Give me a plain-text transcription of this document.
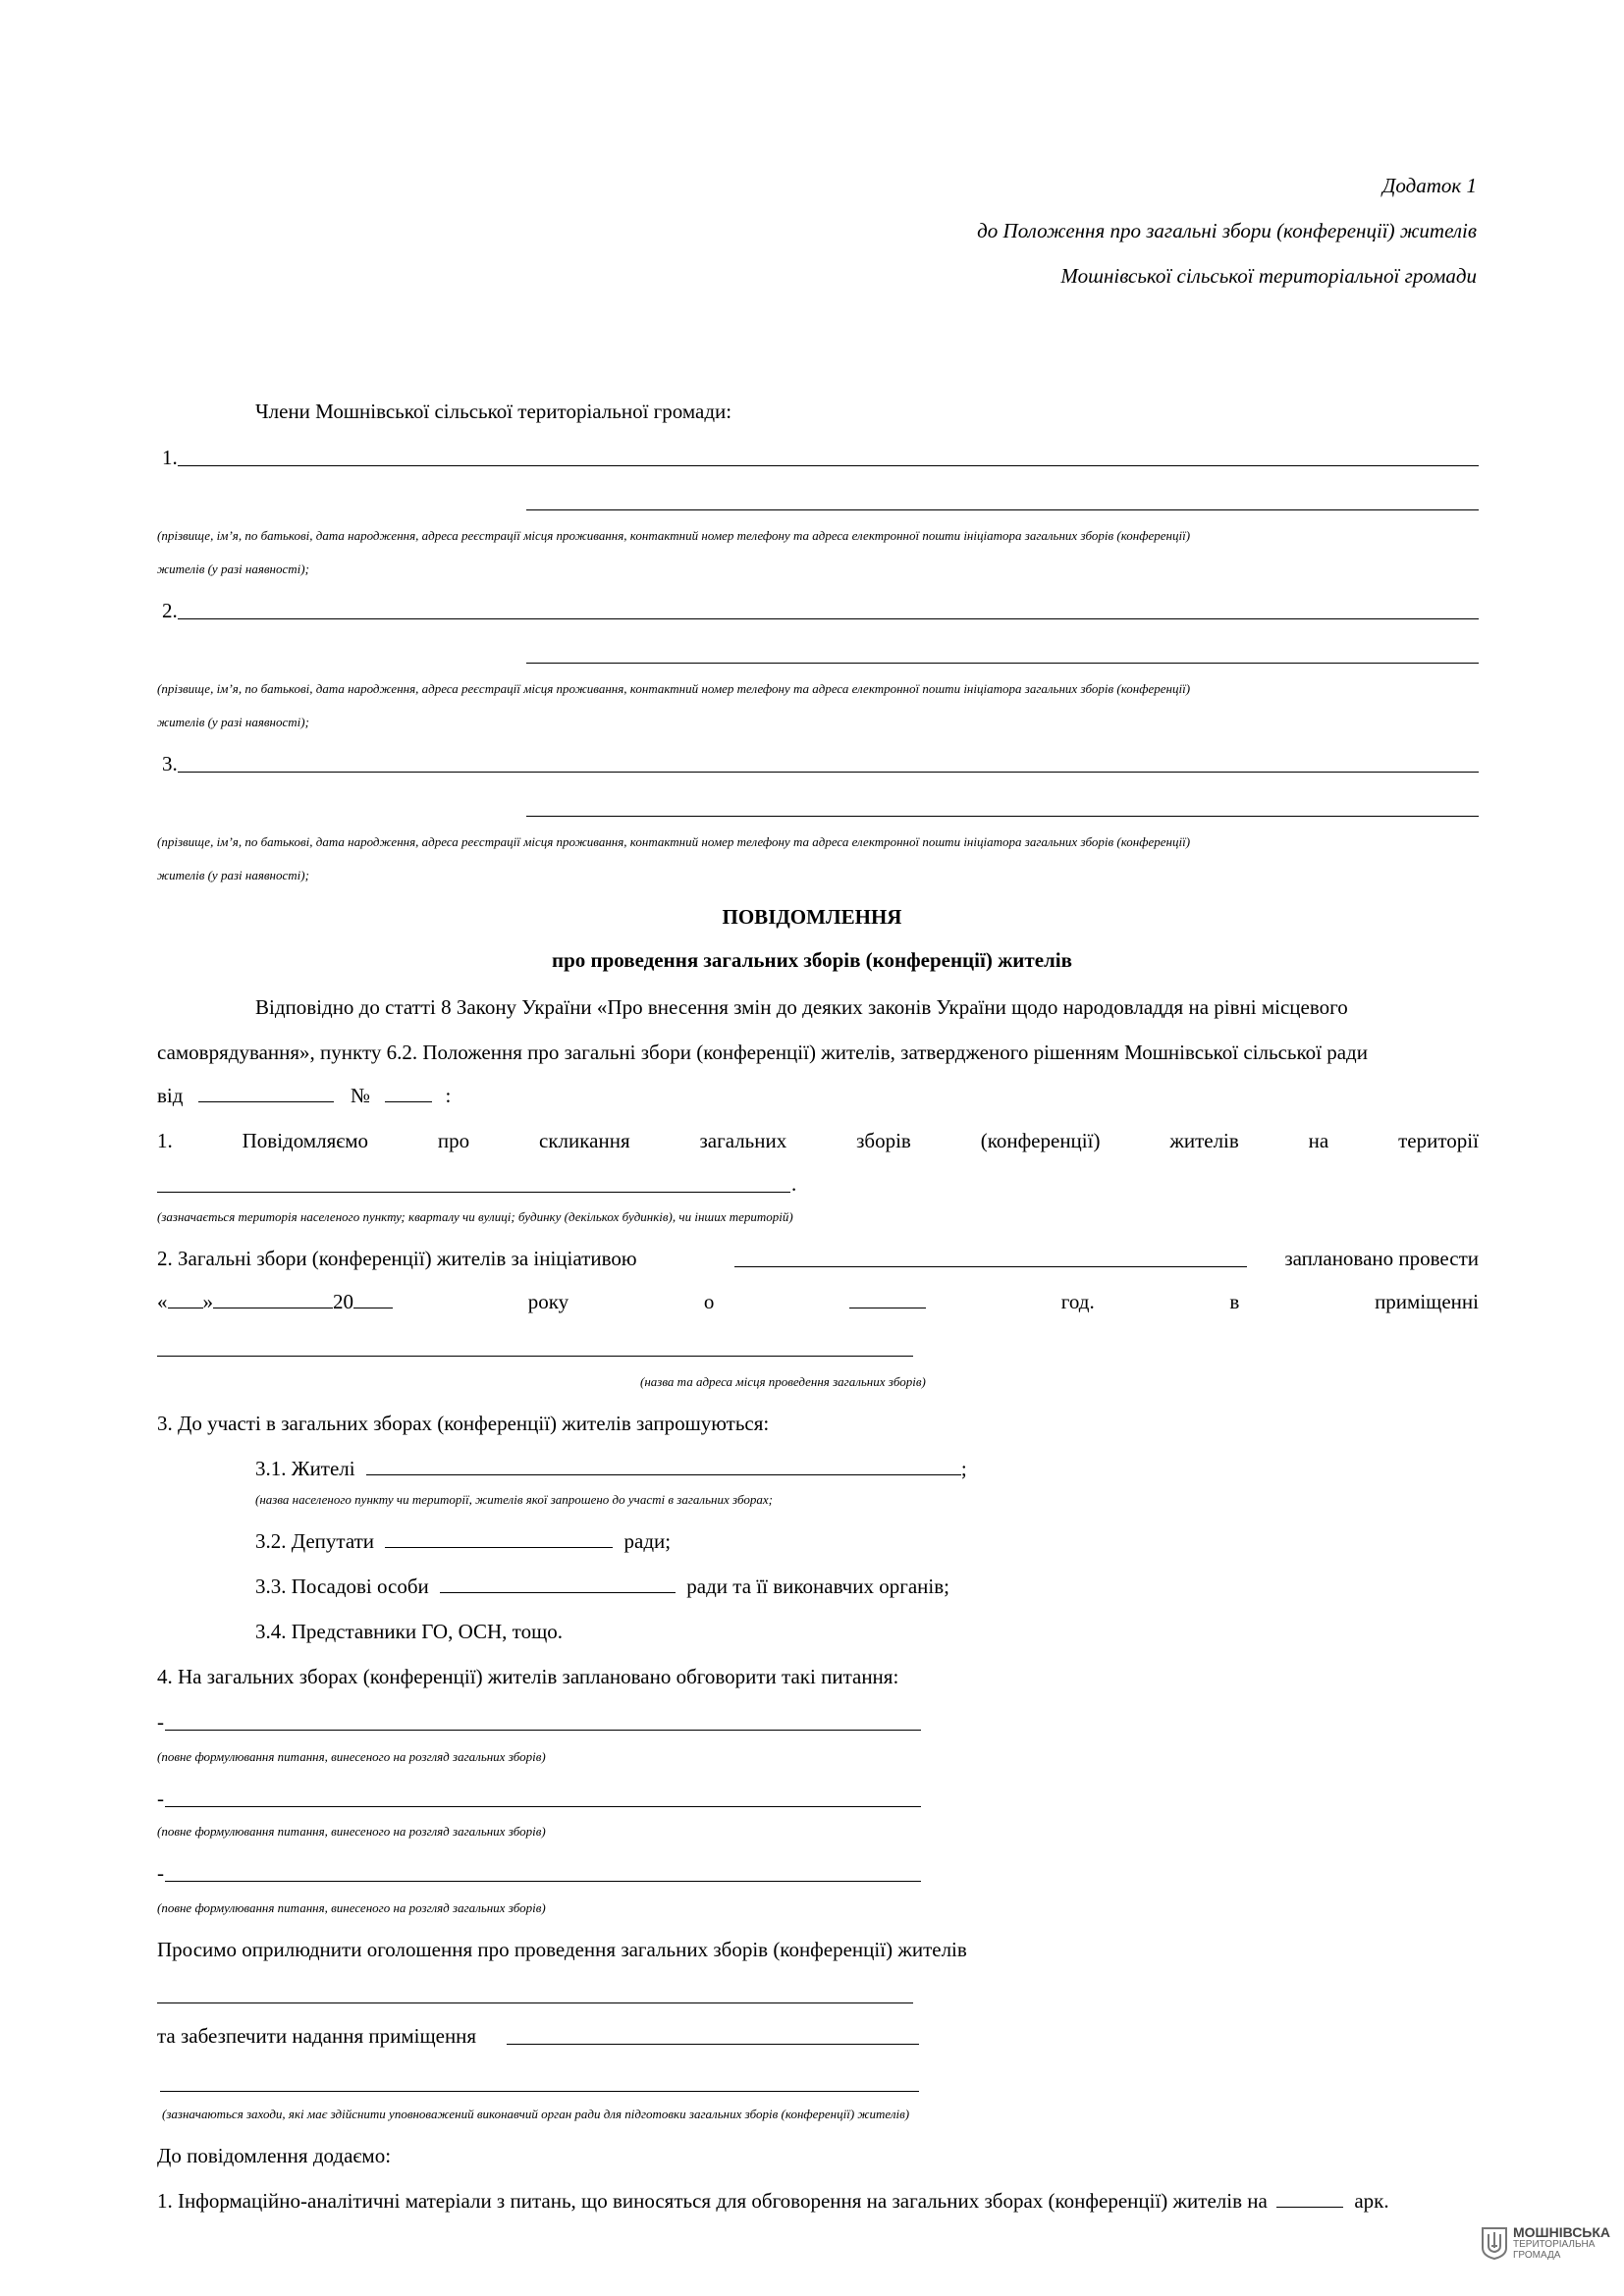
Додаток 1
до Положення про загальні збори (конференції) жителів
Мошнівської сільської територіальної громади
Члени Мошнівської сільської територіальної громади:
1.
(прізвище, ім’я, по батькові, дата народження, адреса реєстрації місця проживання, контактний номер телефону та адреса електронної пошти ініціатора загальних зборів (конференції)
жителів (у разі наявності);
2.
(прізвище, ім’я, по батькові, дата народження, адреса реєстрації місця проживання, контактний номер телефону та адреса електронної пошти ініціатора загальних зборів (конференції)
жителів (у разі наявності);
3.
(прізвище, ім’я, по батькові, дата народження, адреса реєстрації місця проживання, контактний номер телефону та адреса електронної пошти ініціатора загальних зборів (конференції)
жителів (у разі наявності);
ПОВІДОМЛЕННЯ
про проведення загальних зборів (конференції) жителів
Відповідно до статті 8 Закону України «Про внесення змін до деяких законів України щодо народовладдя на рівні місцевого
самоврядування», пункту 6.2. Положення про загальні збори (конференції) жителів, затвердженого рішенням Мошнівської сільської ради
від	№	:
1.	Повідомляємо	про	скликання	загальних	зборів	(конференції)	жителів	на	території
.
(зазначається територія населеного пункту; кварталу чи вулиці; будинку (декількох будинків), чи інших територій)
2. Загальні збори (конференції) жителів за ініціативою	заплановано провести
« »	20	року	о	год.	в	приміщенні
(назва та адреса місця проведення загальних зборів)
3. До участі в загальних зборах (конференції) жителів запрошуються:
3.1. Жителі	;
(назва населеного пункту чи території, жителів якої запрошено до участі в загальних зборах;
3.2. Депутати	ради;
3.3. Посадові особи	ради та її виконавчих органів;
3.4. Представники ГО, ОСН, тощо.
4. На загальних зборах (конференції) жителів заплановано обговорити такі питання:
-
(повне формулювання питання, винесеного на розгляд загальних зборів)
-
(повне формулювання питання, винесеного на розгляд загальних зборів)
-
(повне формулювання питання, винесеного на розгляд загальних зборів)
Просимо оприлюднити оголошення про проведення загальних зборів (конференції) жителів
та забезпечити надання приміщення
(зазначаються заходи, які має здійснити уповноважений виконавчий орган ради для підготовки загальних зборів (конференції) жителів)
До повідомлення додаємо:
1. Інформаційно-аналітичні матеріали з питань, що виносяться для обговорення на загальних зборах (конференції) жителів на	арк.
МОШНІВСЬКА
ТЕРИТОРІАЛЬНА
ГРОМАДА
